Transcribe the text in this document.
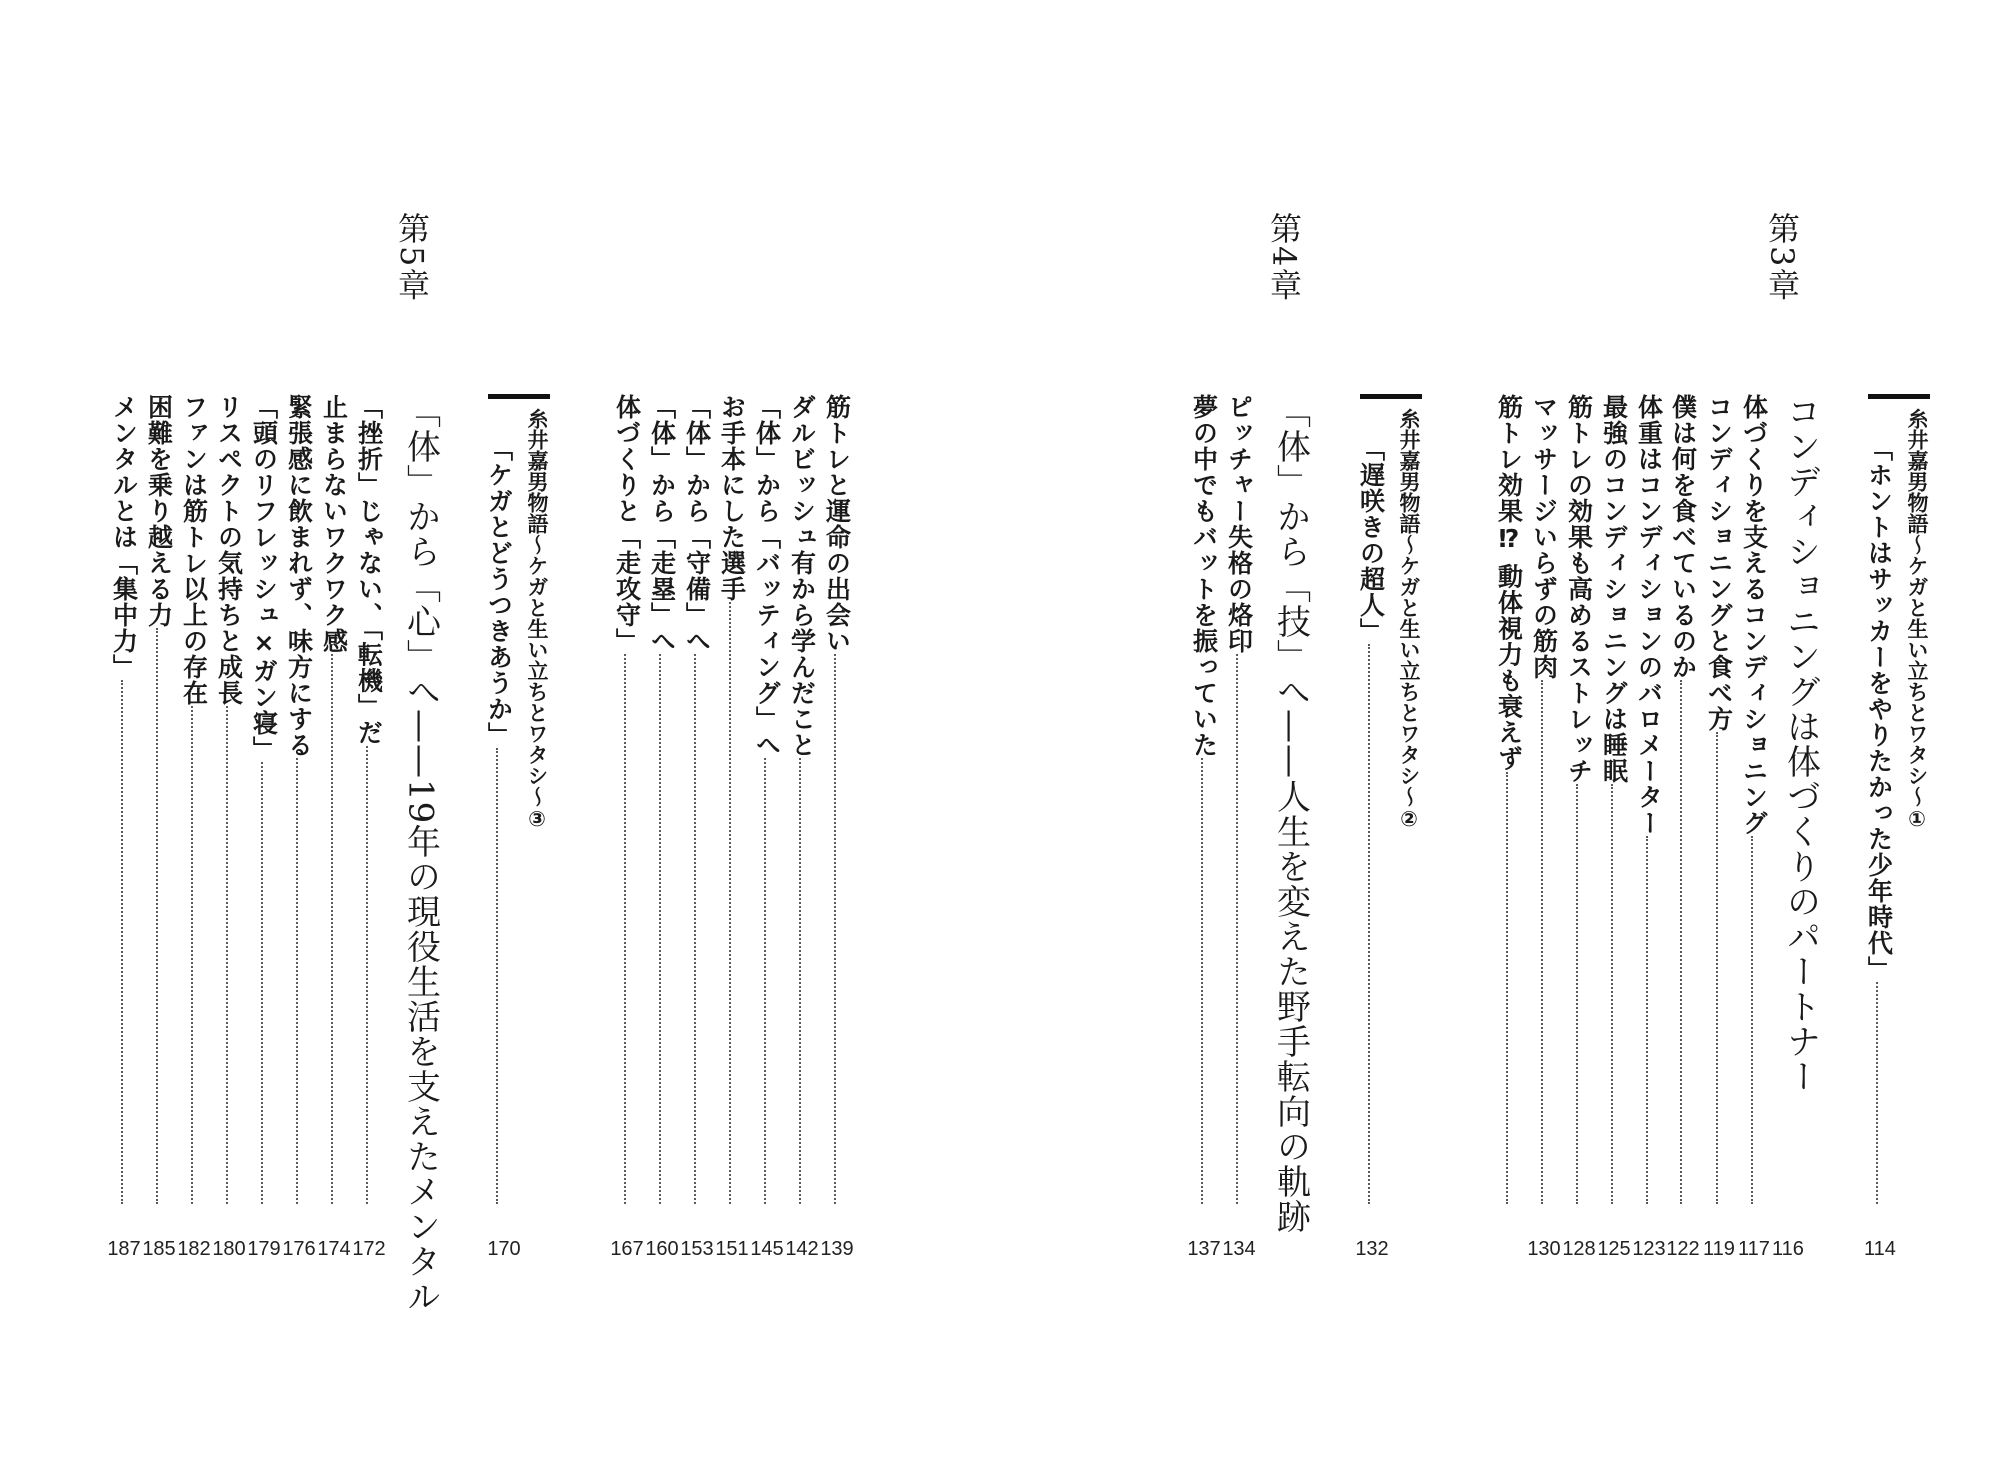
第3章
糸井嘉男物語〜ケガと生い立ちとワタシ〜①
「ホントはサッカーをやりたかった少年時代」
114
コンディショニングは体づくりのパートナー
116
体づくりを支えるコンディショニング
117
コンディショニングと食べ方
119
僕は何を食べているのか
122
体重はコンディションのバロメーター
123
最強のコンディショニングは睡眠
125
筋トレの効果も高めるストレッチ
128
マッサージいらずの筋肉
130
筋トレ効果⁉ 動体視力も衰えず
第4章
糸井嘉男物語〜ケガと生い立ちとワタシ〜②
「遅咲きの超人」
132
「体」から「技」へ——人生を変えた野手転向の軌跡
ピッチャー失格の烙印
134
夢の中でもバットを振っていた
137
筋トレと運命の出会い
139
ダルビッシュ有から学んだこと
142
「体」から「バッティング」へ
145
お手本にした選手
151
「体」から「守備」へ
153
「体」から「走塁」へ
160
体づくりと「走攻守」
167
第5章
糸井嘉男物語〜ケガと生い立ちとワタシ〜③
「ケガとどうつきあうか」
170
「体」から「心」へ——19年の現役生活を支えたメンタル
「挫折」じゃない、「転機」だ
172
止まらないワクワク感
174
緊張感に飲まれず、味方にする
176
「頭のリフレッシュ×ガン寝」
179
リスペクトの気持ちと成長
180
ファンは筋トレ以上の存在
182
困難を乗り越える力
185
メンタルとは「集中力」
187
